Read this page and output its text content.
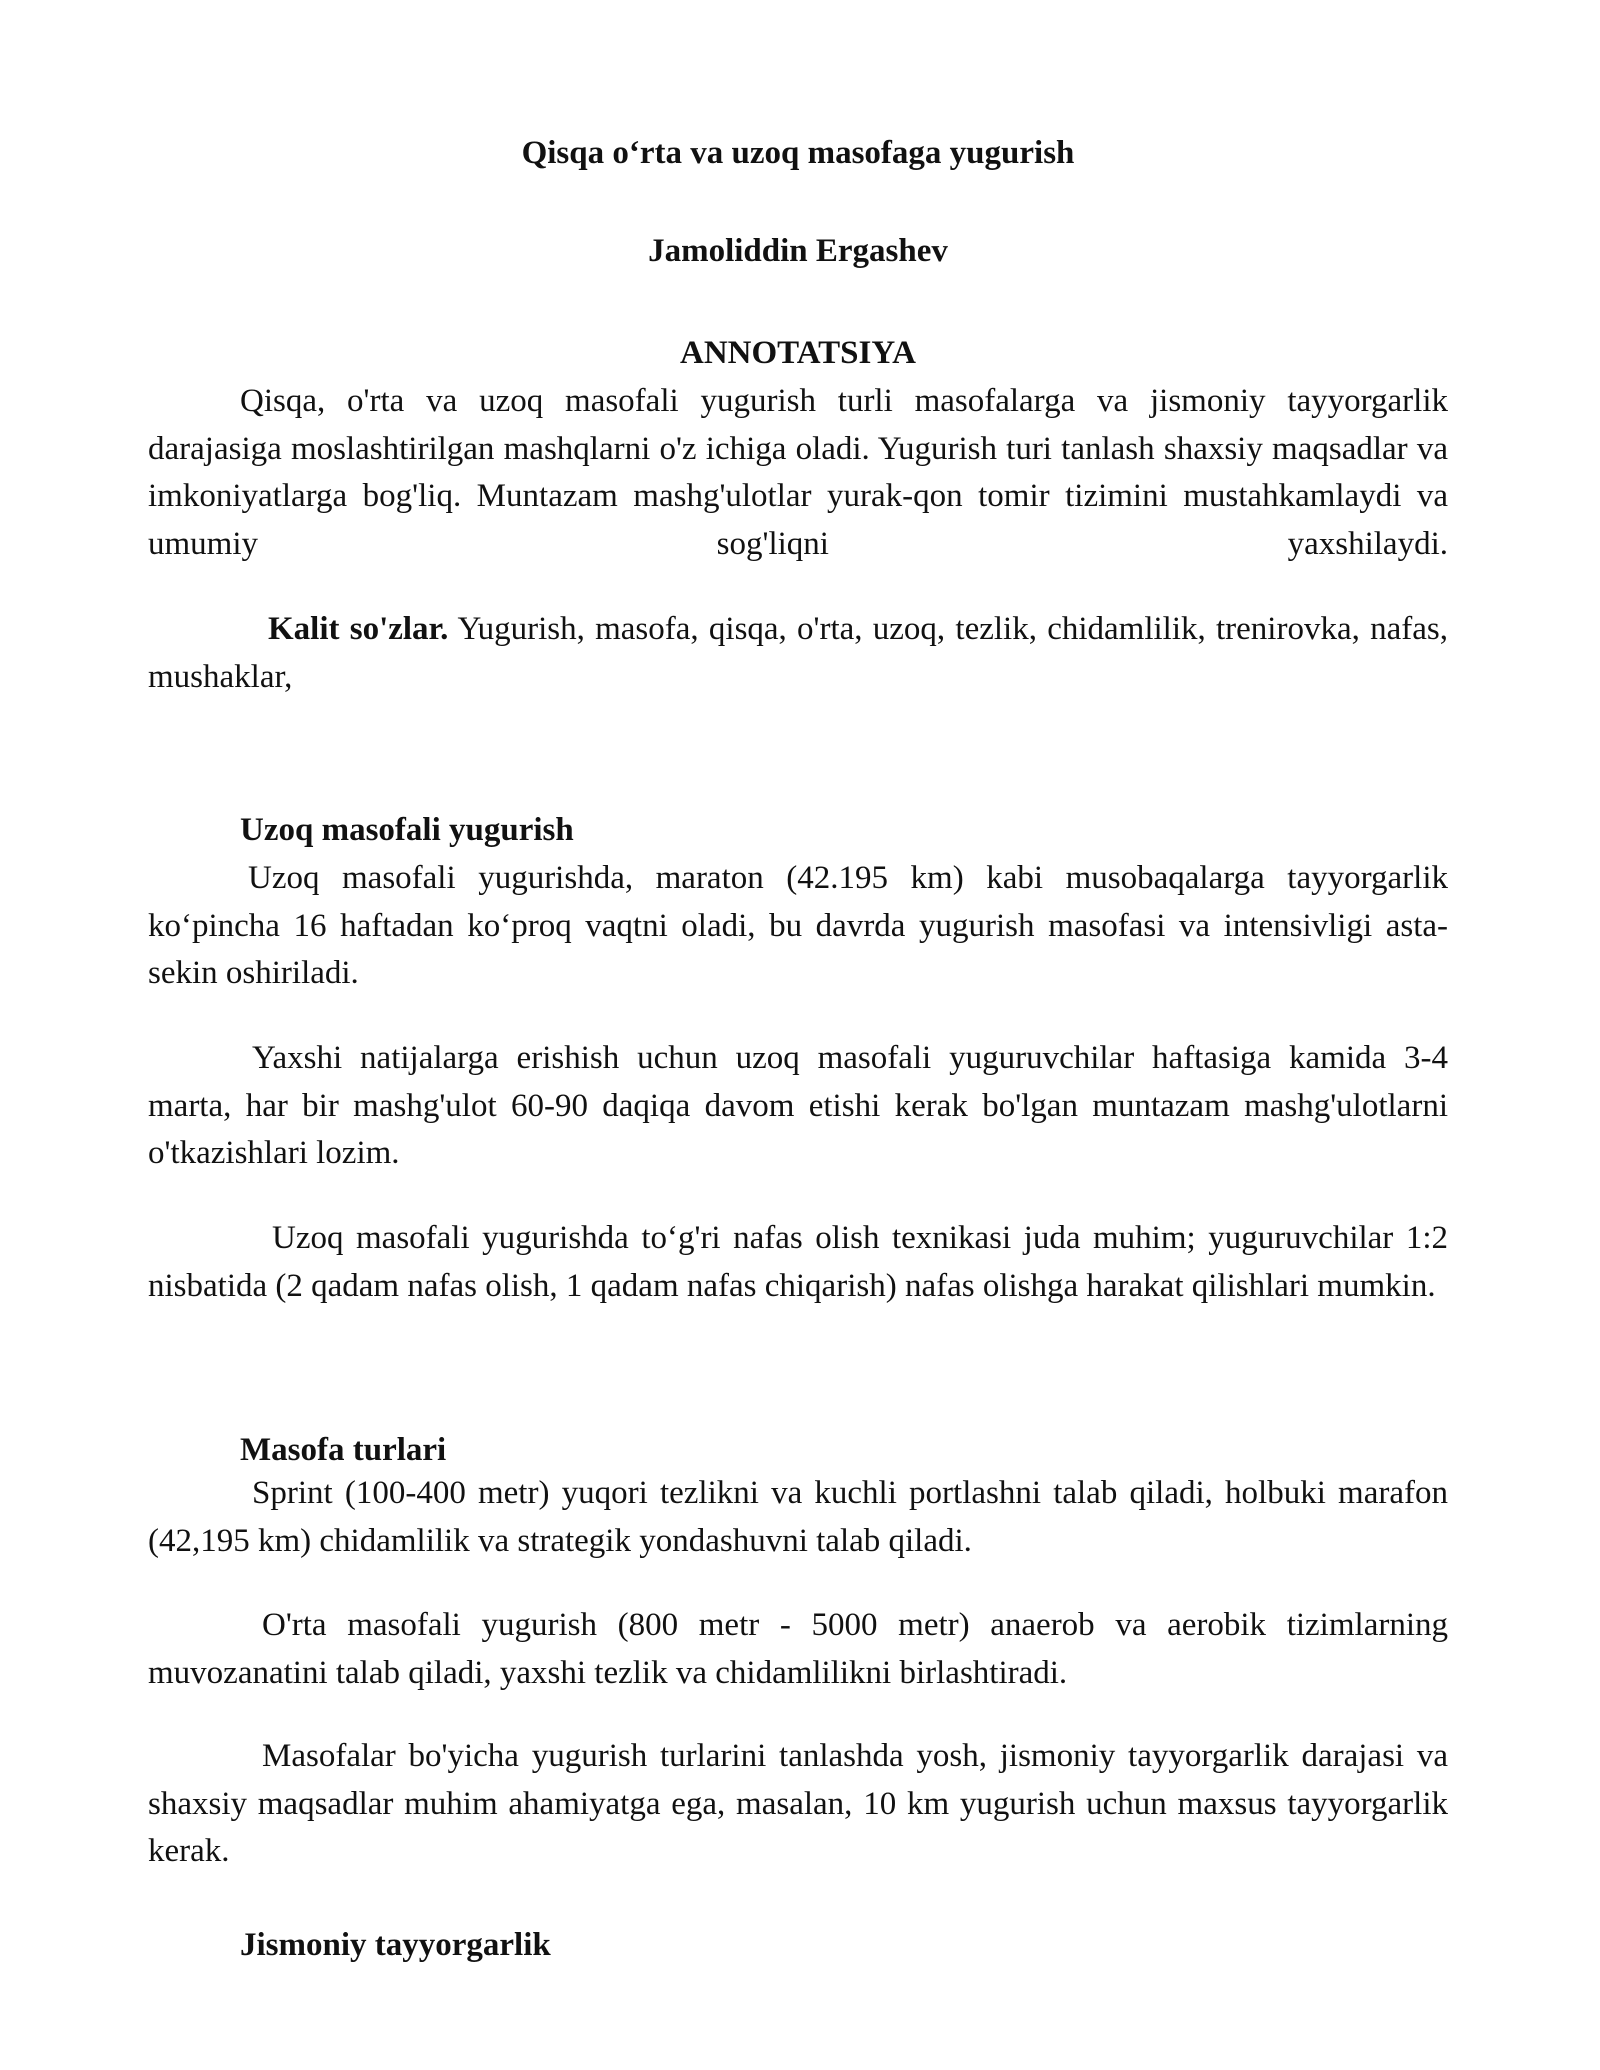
Qisqa o‘rta va uzoq masofaga yugurish

Jamoliddin Ergashev

ANNOTATSIYA

Qisqa, o'rta va uzoq masofali yugurish turli masofalarga va jismoniy tayyorgarlik darajasiga moslashtirilgan mashqlarni o'z ichiga oladi. Yugurish turi tanlash shaxsiy maqsadlar va imkoniyatlarga bog'liq. Muntazam mashg'ulotlar yurak-qon tomir tizimini mustahkamlaydi va umumiy sog'liqni yaxshilaydi.

Kalit so'zlar. Yugurish, masofa, qisqa, o'rta, uzoq, tezlik, chidamlilik, trenirovka, nafas, mushaklar,

Uzoq masofali yugurish

Uzoq masofali yugurishda, maraton (42.195 km) kabi musobaqalarga tayyorgarlik ko‘pincha 16 haftadan ko‘proq vaqtni oladi, bu davrda yugurish masofasi va intensivligi asta-sekin oshiriladi.

Yaxshi natijalarga erishish uchun uzoq masofali yuguruvchilar haftasiga kamida 3-4 marta, har bir mashg'ulot 60-90 daqiqa davom etishi kerak bo'lgan muntazam mashg'ulotlarni o'tkazishlari lozim.

Uzoq masofali yugurishda to‘g'ri nafas olish texnikasi juda muhim; yuguruvchilar 1:2 nisbatida (2 qadam nafas olish, 1 qadam nafas chiqarish) nafas olishga harakat qilishlari mumkin.

Masofa turlari

Sprint (100-400 metr) yuqori tezlikni va kuchli portlashni talab qiladi, holbuki marafon (42,195 km) chidamlilik va strategik yondashuvni talab qiladi.

O'rta masofali yugurish (800 metr - 5000 metr) anaerob va aerobik tizimlarning muvozanatini talab qiladi, yaxshi tezlik va chidamlilikni birlashtiradi.

Masofalar bo'yicha yugurish turlarini tanlashda yosh, jismoniy tayyorgarlik darajasi va shaxsiy maqsadlar muhim ahamiyatga ega, masalan, 10 km yugurish uchun maxsus tayyorgarlik kerak.

Jismoniy tayyorgarlik
